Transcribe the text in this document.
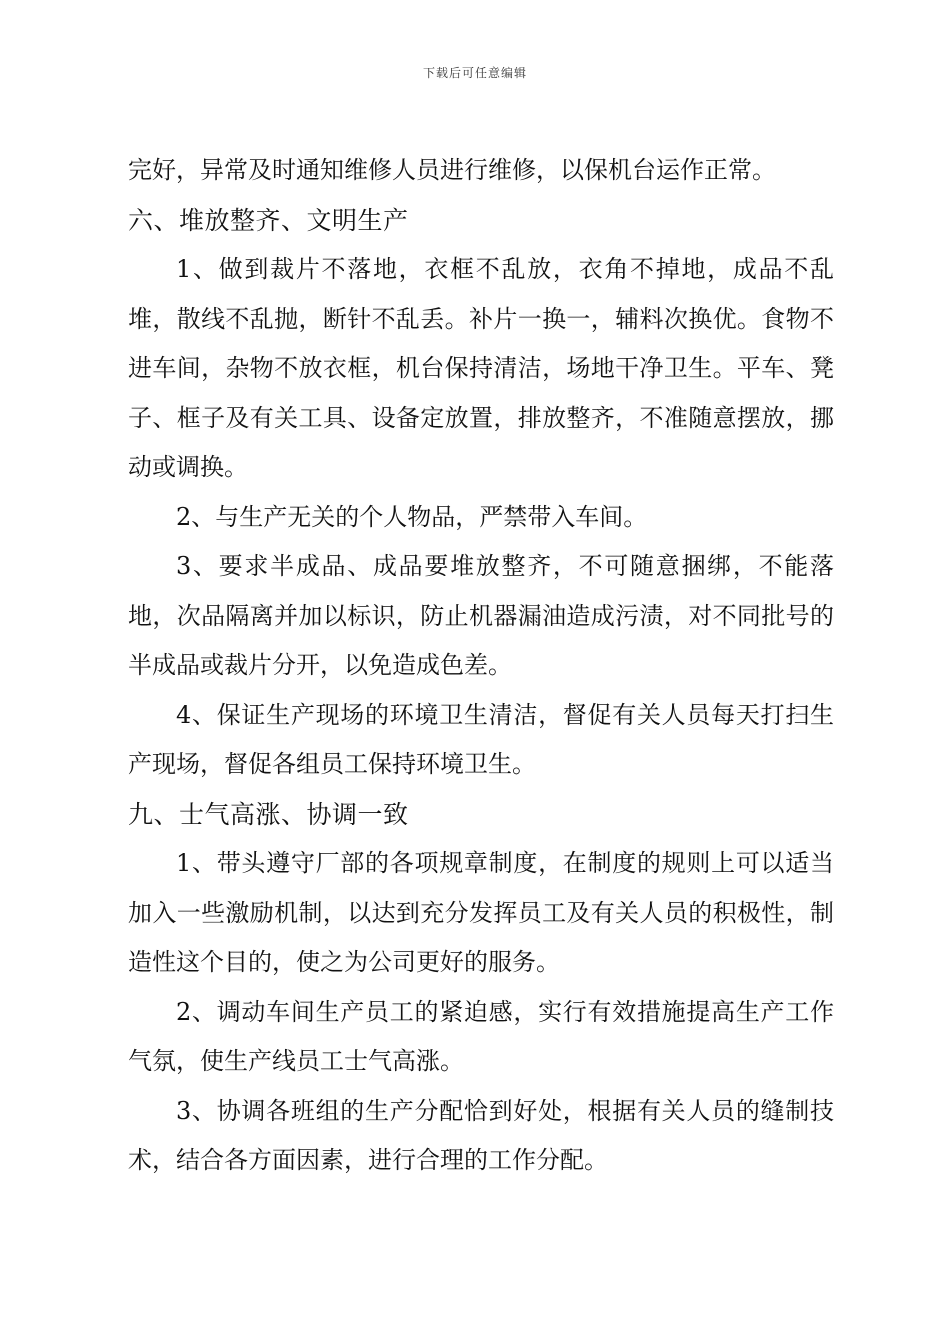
下载后可任意编辑

完好，异常及时通知维修人员进行维修，以保机台运作正常。

六、堆放整齐、文明生产

1、做到裁片不落地，衣框不乱放，衣角不掉地，成品不乱堆，散线不乱抛，断针不乱丢。补片一换一，辅料次换优。食物不进车间，杂物不放衣框，机台保持清洁，场地干净卫生。平车、凳子、框子及有关工具、设备定放置，排放整齐，不准随意摆放，挪动或调换。

2、与生产无关的个人物品，严禁带入车间。

3、要求半成品、成品要堆放整齐，不可随意捆绑，不能落地，次品隔离并加以标识，防止机器漏油造成污渍，对不同批号的半成品或裁片分开，以免造成色差。

4、保证生产现场的环境卫生清洁，督促有关人员每天打扫生产现场，督促各组员工保持环境卫生。

九、士气高涨、协调一致

1、带头遵守厂部的各项规章制度，在制度的规则上可以适当加入一些激励机制，以达到充分发挥员工及有关人员的积极性，制造性这个目的，使之为公司更好的服务。

2、调动车间生产员工的紧迫感，实行有效措施提高生产工作气氛，使生产线员工士气高涨。

3、协调各班组的生产分配恰到好处，根据有关人员的缝制技术，结合各方面因素，进行合理的工作分配。
